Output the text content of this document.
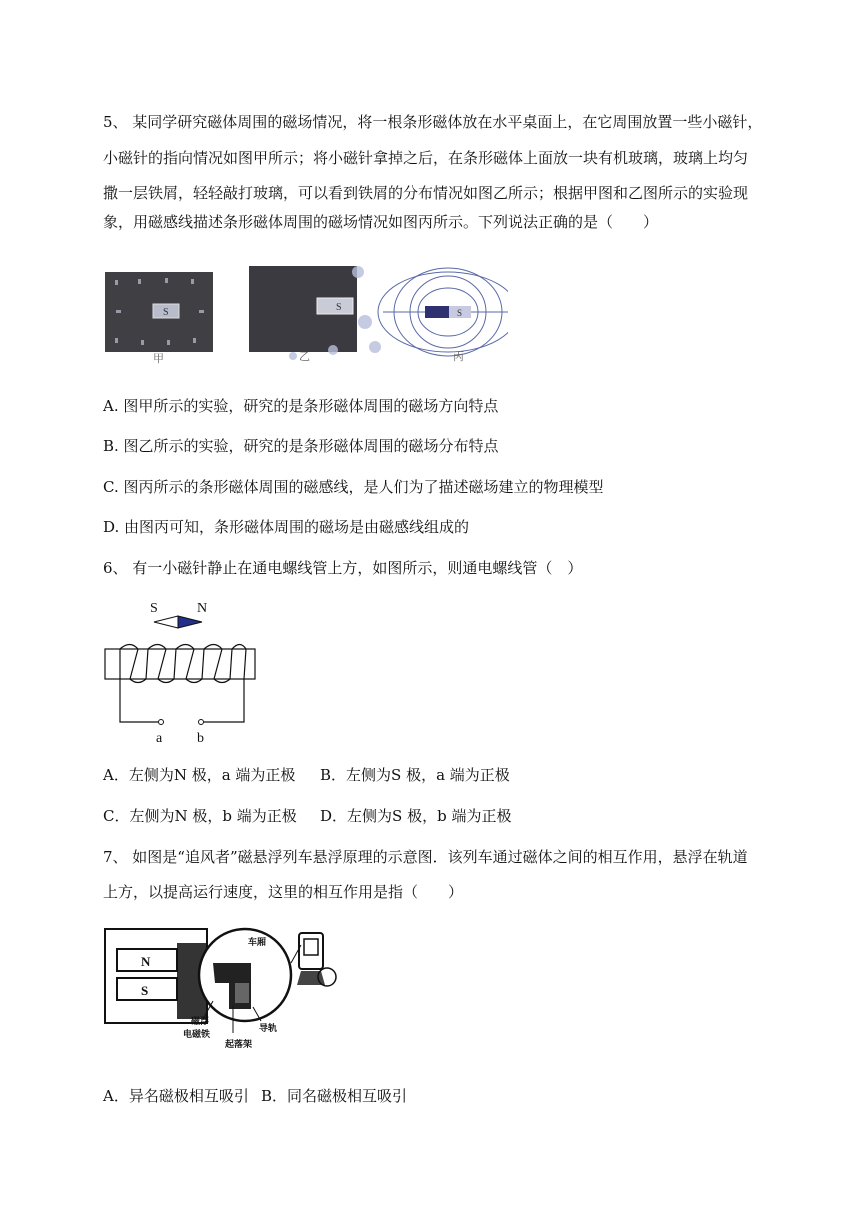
5、 某同学研究磁体周围的磁场情况，将一根条形磁体放在水平桌面上，在它周围放置一些小磁针，
小磁针的指向情况如图甲所示；将小磁针拿掉之后，在条形磁体上面放一块有机玻璃，玻璃上均匀
撒一层铁屑，轻轻敲打玻璃，可以看到铁屑的分布情况如图乙所示；根据甲图和乙图所示的实验现
象，用磁感线描述条形磁体周围的磁场情况如图丙所示。下列说法正确的是（　　）
S
甲
S
乙
S
丙
A. 图甲所示的实验，研究的是条形磁体周围的磁场方向特点
B. 图乙所示的实验，研究的是条形磁体周围的磁场分布特点
C. 图丙所示的条形磁体周围的磁感线，是人们为了描述磁场建立的物理模型
D. 由图丙可知，条形磁体周围的磁场是由磁感线组成的
6、 有一小磁针静止在通电螺线管上方，如图所示，则通电螺线管（　）
S	N
a b
A．左侧为N 极，a 端为正极 B．左侧为S 极，a 端为正极
C．左侧为N 极，b 端为正极 D．左侧为S 极，b 端为正极
7、 如图是“追风者”磁悬浮列车悬浮原理的示意图．该列车通过磁体之间的相互作用，悬浮在轨道
上方，以提高运行速度，这里的相互作用是指（　　）
N
S
车厢
磁浮
电磁铁
导轨
起落架
A．异名磁极相互吸引 B．同名磁极相互吸引
